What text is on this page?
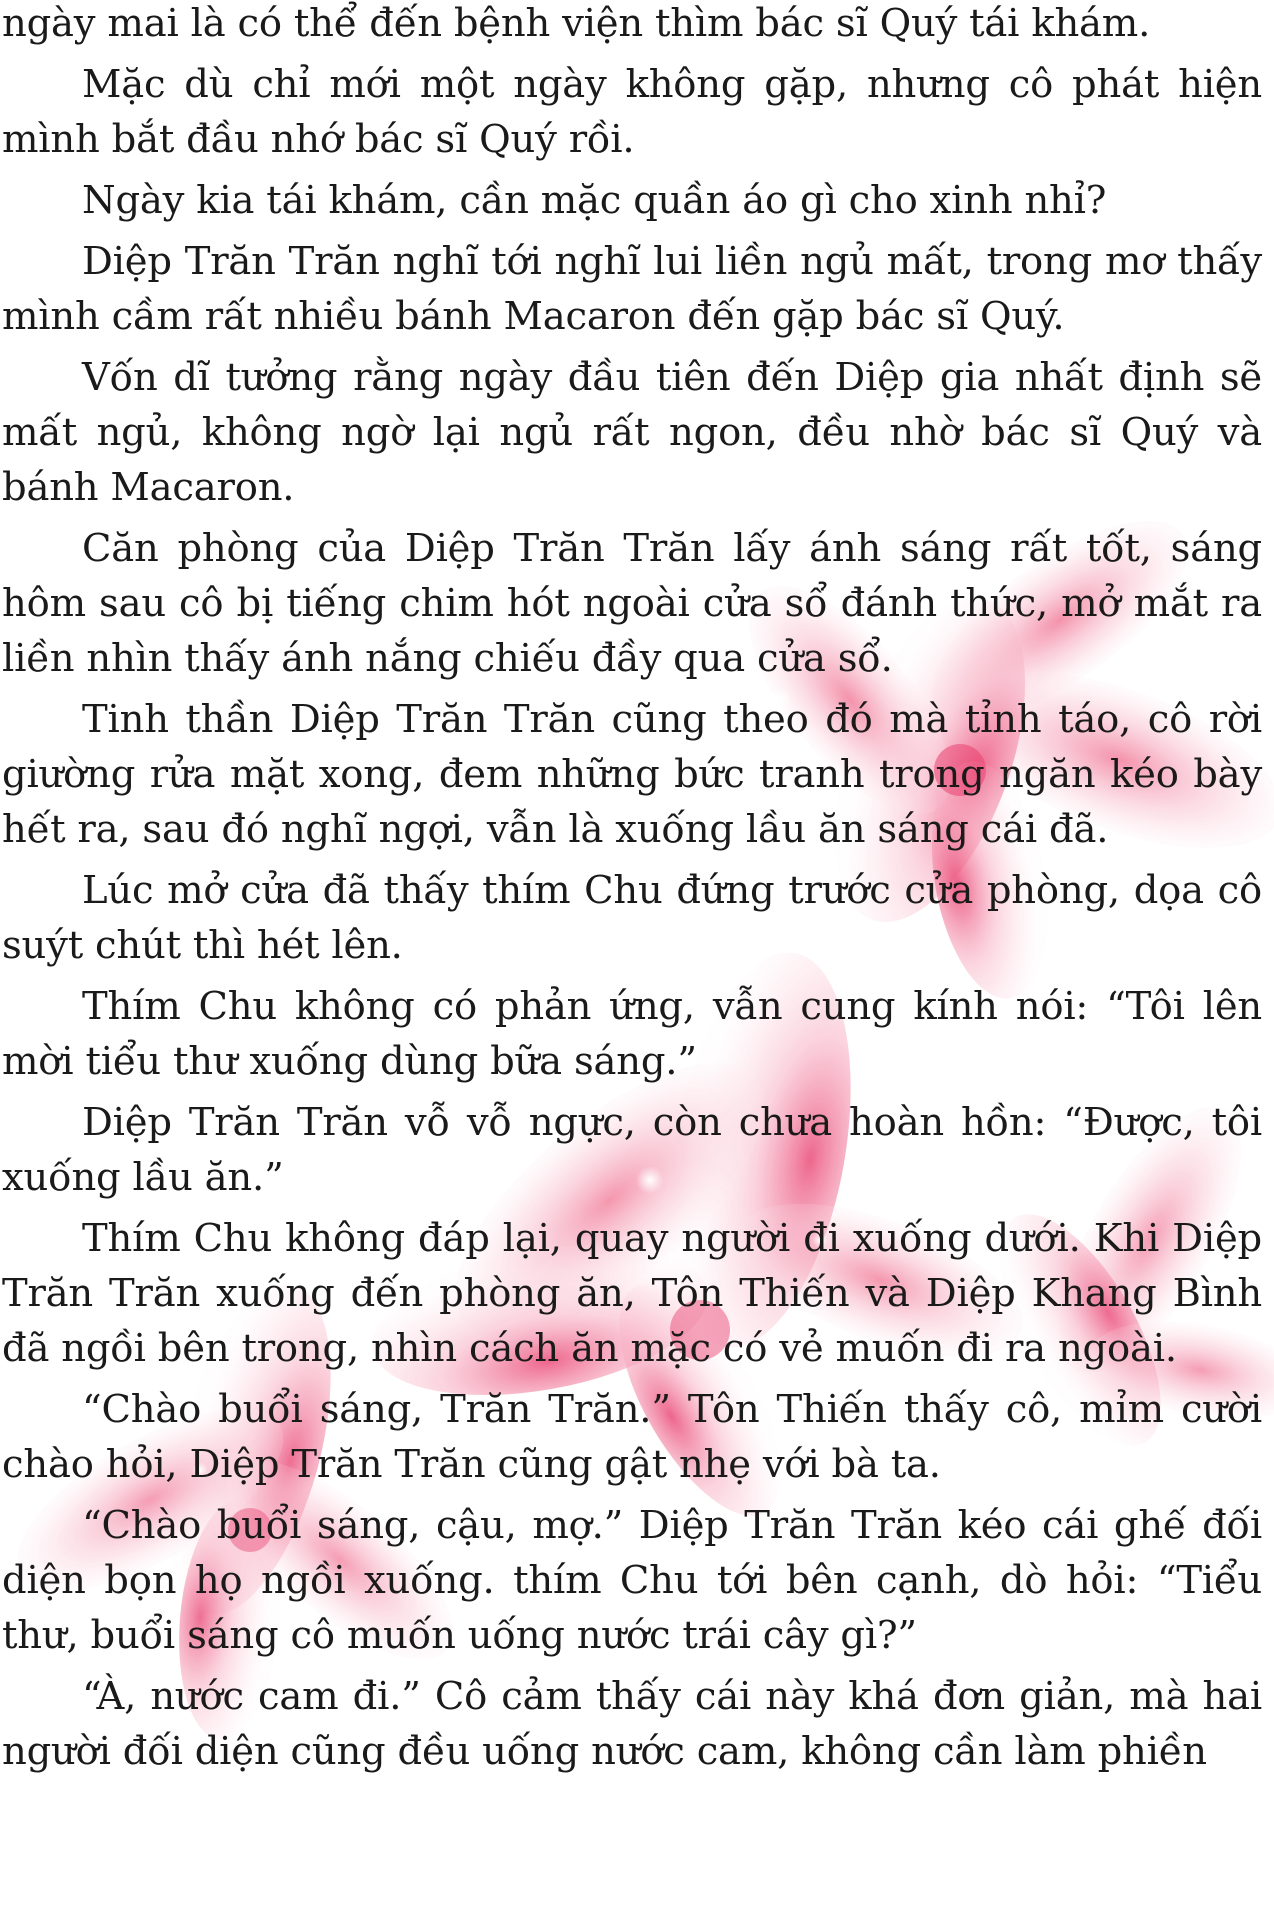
ngày mai là có thể đến bệnh viện thìm bác sĩ Quý tái khám.

Mặc dù chỉ mới một ngày không gặp, nhưng cô phát hiện mình bắt đầu nhớ bác sĩ Quý rồi.

Ngày kia tái khám, cần mặc quần áo gì cho xinh nhỉ?

Diệp Trăn Trăn nghĩ tới nghĩ lui liền ngủ mất, trong mơ thấy mình cầm rất nhiều bánh Macaron đến gặp bác sĩ Quý.

Vốn dĩ tưởng rằng ngày đầu tiên đến Diệp gia nhất định sẽ mất ngủ, không ngờ lại ngủ rất ngon, đều nhờ bác sĩ Quý và bánh Macaron.

Căn phòng của Diệp Trăn Trăn lấy ánh sáng rất tốt, sáng hôm sau cô bị tiếng chim hót ngoài cửa sổ đánh thức, mở mắt ra liền nhìn thấy ánh nắng chiếu đầy qua cửa sổ.

Tinh thần Diệp Trăn Trăn cũng theo đó mà tỉnh táo, cô rời giường rửa mặt xong, đem những bức tranh trong ngăn kéo bày hết ra, sau đó nghĩ ngợi, vẫn là xuống lầu ăn sáng cái đã.

Lúc mở cửa đã thấy thím Chu đứng trước cửa phòng, dọa cô suýt chút thì hét lên.

Thím Chu không có phản ứng, vẫn cung kính nói: “Tôi lên mời tiểu thư xuống dùng bữa sáng.”

Diệp Trăn Trăn vỗ vỗ ngực, còn chưa hoàn hồn: “Được, tôi xuống lầu ăn.”

Thím Chu không đáp lại, quay người đi xuống dưới. Khi Diệp Trăn Trăn xuống đến phòng ăn, Tôn Thiến và Diệp Khang Bình đã ngồi bên trong, nhìn cách ăn mặc có vẻ muốn đi ra ngoài.

“Chào buổi sáng, Trăn Trăn.” Tôn Thiến thấy cô, mỉm cười chào hỏi, Diệp Trăn Trăn cũng gật nhẹ với bà ta.

“Chào buổi sáng, cậu, mợ.” Diệp Trăn Trăn kéo cái ghế đối diện bọn họ ngồi xuống. thím Chu tới bên cạnh, dò hỏi: “Tiểu thư, buổi sáng cô muốn uống nước trái cây gì?”

“À, nước cam đi.” Cô cảm thấy cái này khá đơn giản, mà hai người đối diện cũng đều uống nước cam, không cần làm phiền
